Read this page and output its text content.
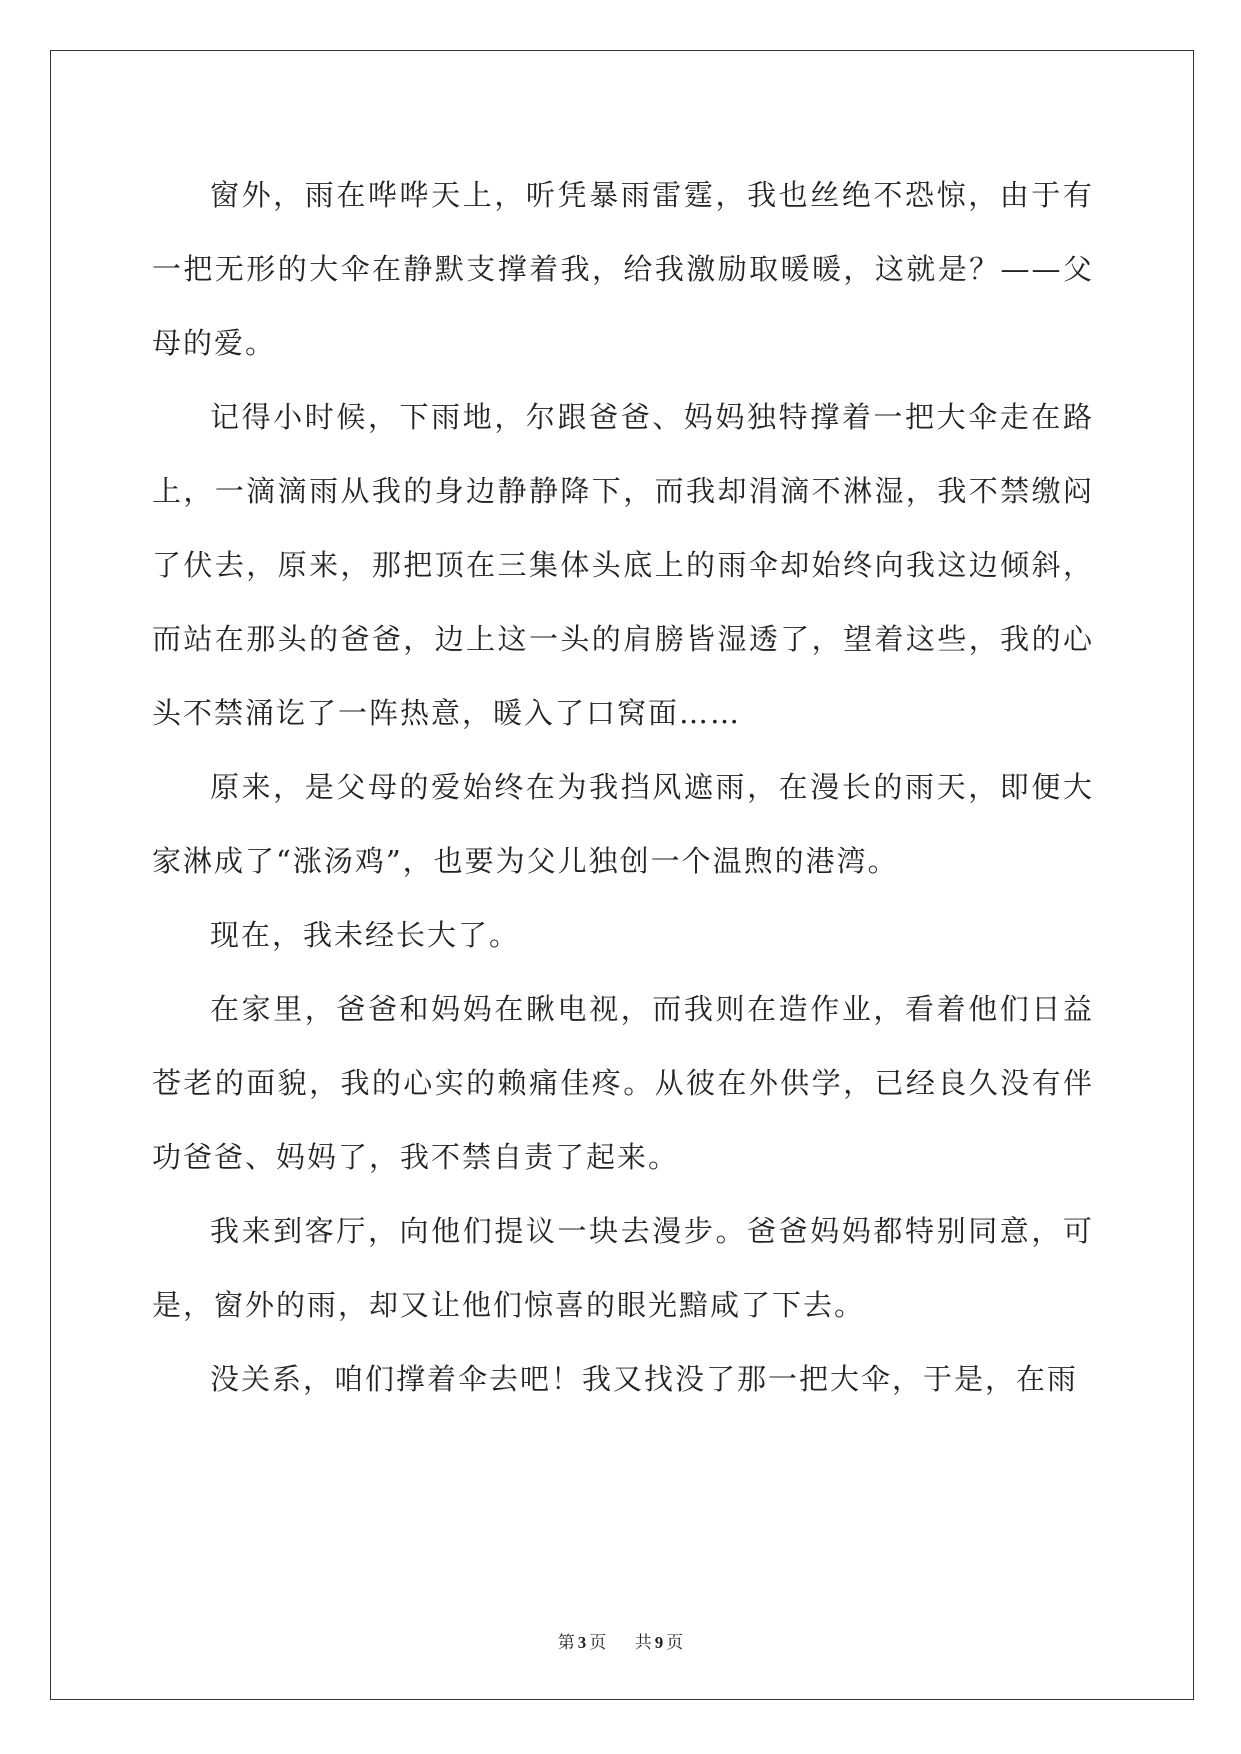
窗外，雨在哗哗天上，听凭暴雨雷霆，我也丝绝不恐惊，由于有一把无形的大伞在静默支撑着我，给我激励取暖暖，这就是？——父母的爱。

记得小时候，下雨地，尔跟爸爸、妈妈独特撑着一把大伞走在路上，一滴滴雨从我的身边静静降下，而我却涓滴不淋湿，我不禁缴闷了伏去，原来，那把顶在三集体头底上的雨伞却始终向我这边倾斜，而站在那头的爸爸，边上这一头的肩膀皆湿透了，望着这些，我的心头不禁涌讫了一阵热意，暖入了口窝面……

原来，是父母的爱始终在为我挡风遮雨，在漫长的雨天，即便大家淋成了“涨汤鸡”，也要为父儿独创一个温煦的港湾。

现在，我未经长大了。

在家里，爸爸和妈妈在瞅电视，而我则在造作业，看着他们日益苍老的面貌，我的心实的赖痛佳疼。从彼在外供学，已经良久没有伴功爸爸、妈妈了，我不禁自责了起来。

我来到客厅，向他们提议一块去漫步。爸爸妈妈都特别同意，可是，窗外的雨，却又让他们惊喜的眼光黯咸了下去。

没关系，咱们撑着伞去吧！我又找没了那一把大伞，于是，在雨

第 3 页 共 9 页
